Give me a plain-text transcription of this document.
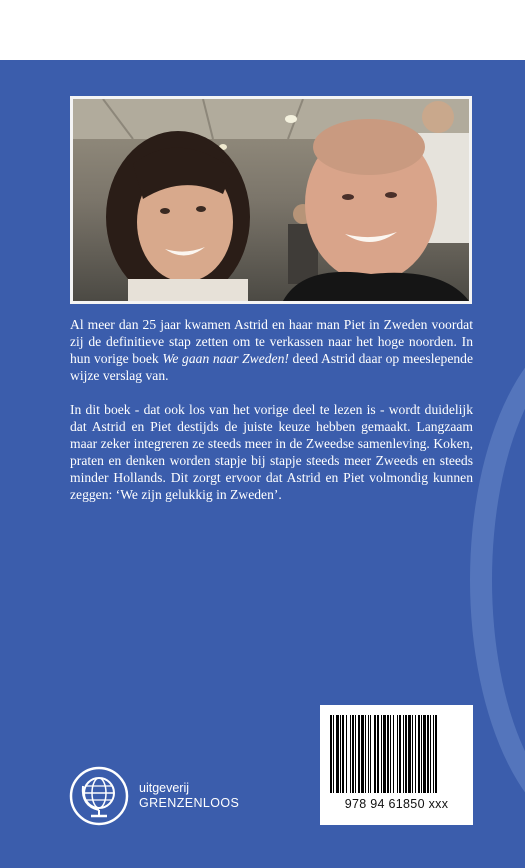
Al meer dan 25 jaar kwamen Astrid en haar man Piet in Zweden voordat zij de definitieve stap zetten om te verkassen naar het hoge noorden. In hun vorige boek We gaan naar Zweden! deed Astrid daar op meeslepende wijze verslag van.

In dit boek - dat ook los van het vorige deel te lezen is - wordt duidelijk dat Astrid en Piet destijds de juiste keuze hebben gemaakt. Langzaam maar zeker integreren ze steeds meer in de Zweedse samenleving. Koken, praten en denken worden stapje bij stapje steeds meer Zweeds en steeds minder Hollands. Dit zorgt ervoor dat Astrid en Piet volmondig kunnen zeggen: ‘We zijn gelukkig in Zweden’.

uitgeverij
GRENZENLOOS	978 94 61850 xxx
